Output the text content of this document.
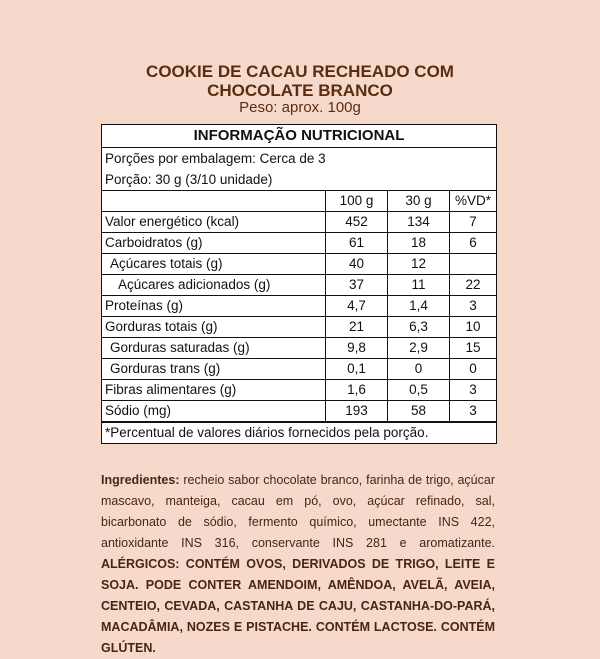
COOKIE DE CACAU RECHEADO COM
CHOCOLATE BRANCO
Peso: aprox. 100g
INFORMAÇÃO NUTRICIONAL
Porções por embalagem: Cerca de 3
Porção: 30 g (3/10 unidade)
	100 g	30 g	%VD*
Valor energético (kcal)	452	134	7
Carboidratos (g)	61	18	6
Açúcares totais (g)	40	12	
Açúcares adicionados (g)	37	11	22
Proteínas (g)	4,7	1,4	3
Gorduras totais (g)	21	6,3	10
Gorduras saturadas (g)	9,8	2,9	15
Gorduras trans (g)	0,1	0	0
Fibras alimentares (g)	1,6	0,5	3
Sódio (mg)	193	58	3
*Percentual de valores diários fornecidos pela porção.
Ingredientes: recheio sabor chocolate branco, farinha de trigo, açúcar mascavo, manteiga, cacau em pó, ovo, açúcar refinado, sal, bicarbonato de sódio, fermento químico, umectante INS 422, antioxidante INS 316, conservante INS 281 e aromatizante. ALÉRGICOS: CONTÉM OVOS, DERIVADOS DE TRIGO, LEITE E SOJA. PODE CONTER AMENDOIM, AMÊNDOA, AVELÃ, AVEIA, CENTEIO, CEVADA, CASTANHA DE CAJU, CASTANHA-DO-PARÁ, MACADÂMIA, NOZES E PISTACHE. CONTÉM LACTOSE. CONTÉM GLÚTEN.
